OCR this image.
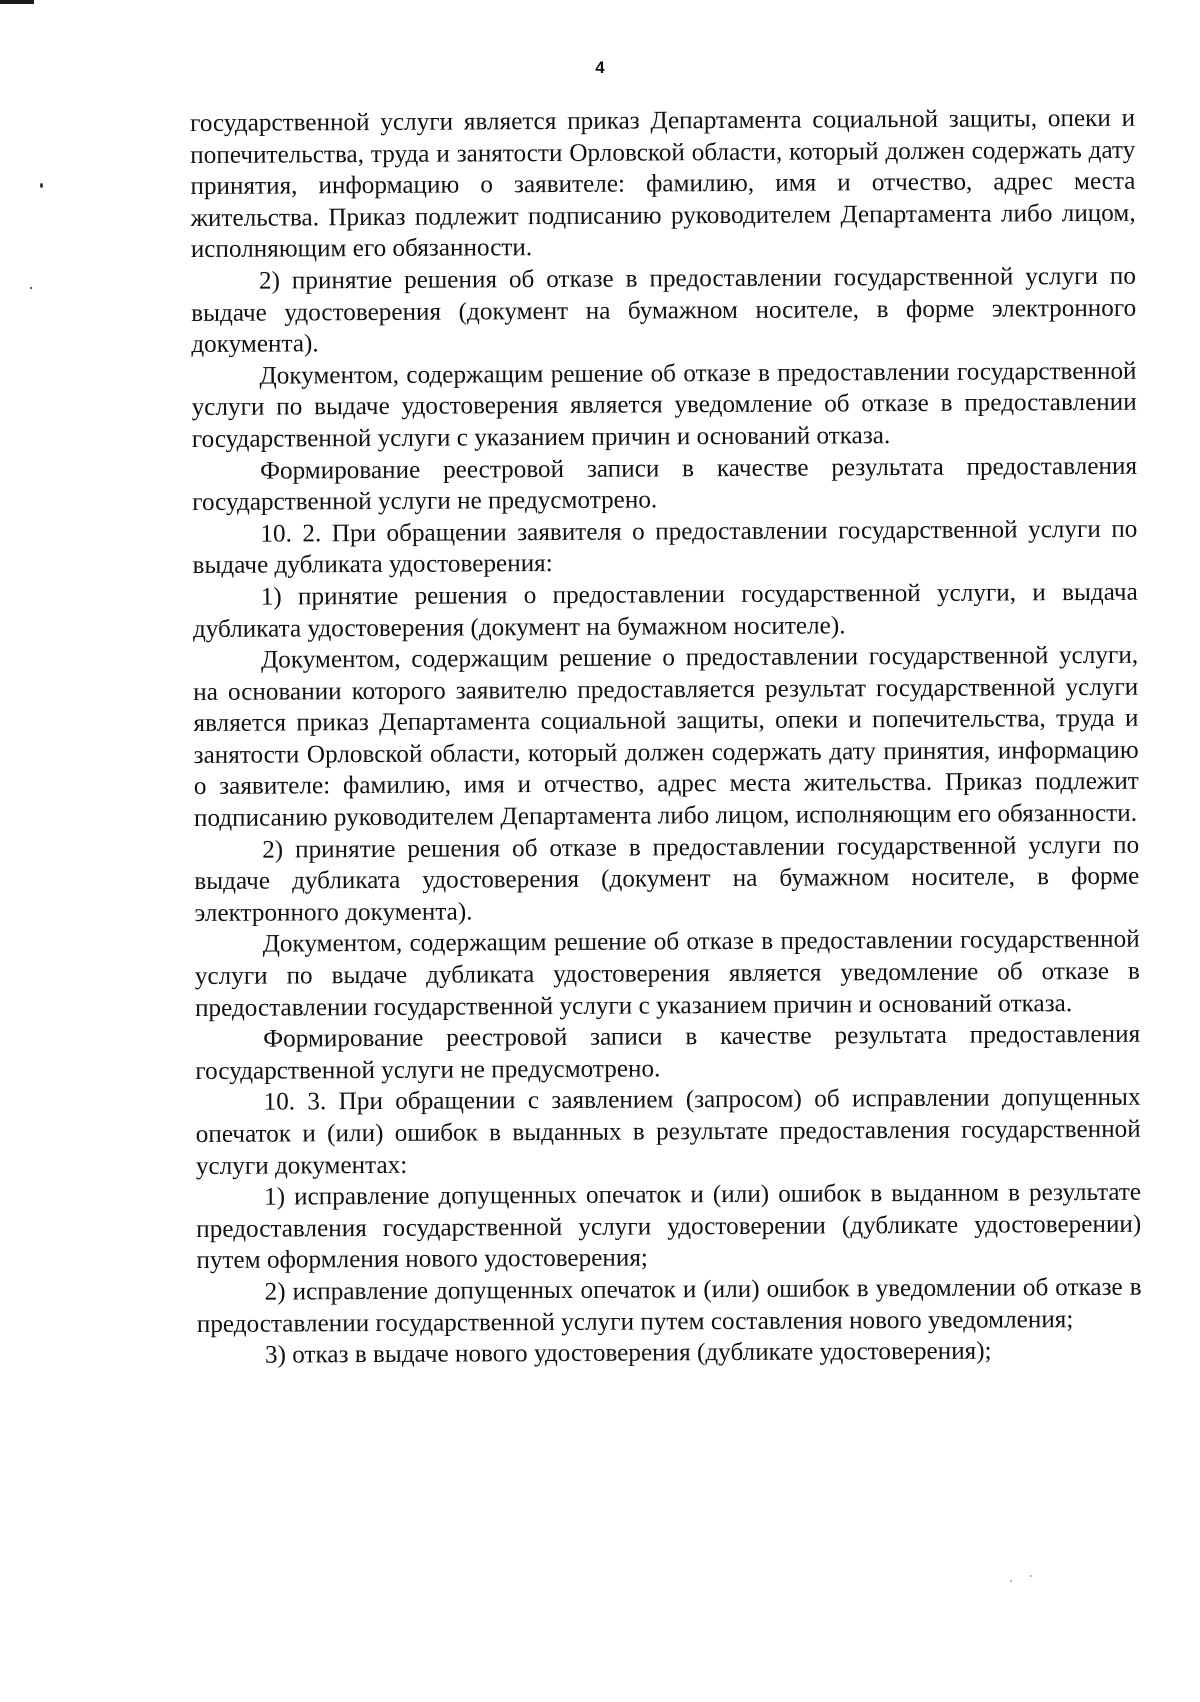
4

государственной услуги является приказ Департамента социальной защиты, опеки и попечительства, труда и занятости Орловской области, который должен содержать дату принятия, информацию о заявителе: фамилию, имя и отчество, адрес места жительства. Приказ подлежит подписанию руководителем Департамента либо лицом, исполняющим его обязанности.

2) принятие решения об отказе в предоставлении государственной услуги по выдаче удостоверения (документ на бумажном носителе, в форме электронного документа).

Документом, содержащим решение об отказе в предоставлении государственной услуги по выдаче удостоверения является уведомление об отказе в предоставлении государственной услуги с указанием причин и оснований отказа.

Формирование реестровой записи в качестве результата предоставления государственной услуги не предусмотрено.

10. 2. При обращении заявителя о предоставлении государственной услуги по выдаче дубликата удостоверения:

1) принятие решения о предоставлении государственной услуги, и выдача дубликата удостоверения (документ на бумажном носителе).

Документом, содержащим решение о предоставлении государственной услуги, на основании которого заявителю предоставляется результат государственной услуги является приказ Департамента социальной защиты, опеки и попечительства, труда и занятости Орловской области, который должен содержать дату принятия, информацию о заявителе: фамилию, имя и отчество, адрес места жительства. Приказ подлежит подписанию руководителем Департамента либо лицом, исполняющим его обязанности.

2) принятие решения об отказе в предоставлении государственной услуги по выдаче дубликата удостоверения (документ на бумажном носителе, в форме электронного документа).

Документом, содержащим решение об отказе в предоставлении государственной услуги по выдаче дубликата удостоверения является уведомление об отказе в предоставлении государственной услуги с указанием причин и оснований отказа.

Формирование реестровой записи в качестве результата предоставления государственной услуги не предусмотрено.

10. 3. При обращении с заявлением (запросом) об исправлении допущенных опечаток и (или) ошибок в выданных в результате предоставления государственной услуги документах:

1) исправление допущенных опечаток и (или) ошибок в выданном в результате предоставления государственной услуги удостоверении (дубликате удостоверении) путем оформления нового удостоверения;

2) исправление допущенных опечаток и (или) ошибок в уведомлении об отказе в предоставлении государственной услуги путем составления нового уведомления;

3) отказ в выдаче нового удостоверения (дубликате удостоверения);
